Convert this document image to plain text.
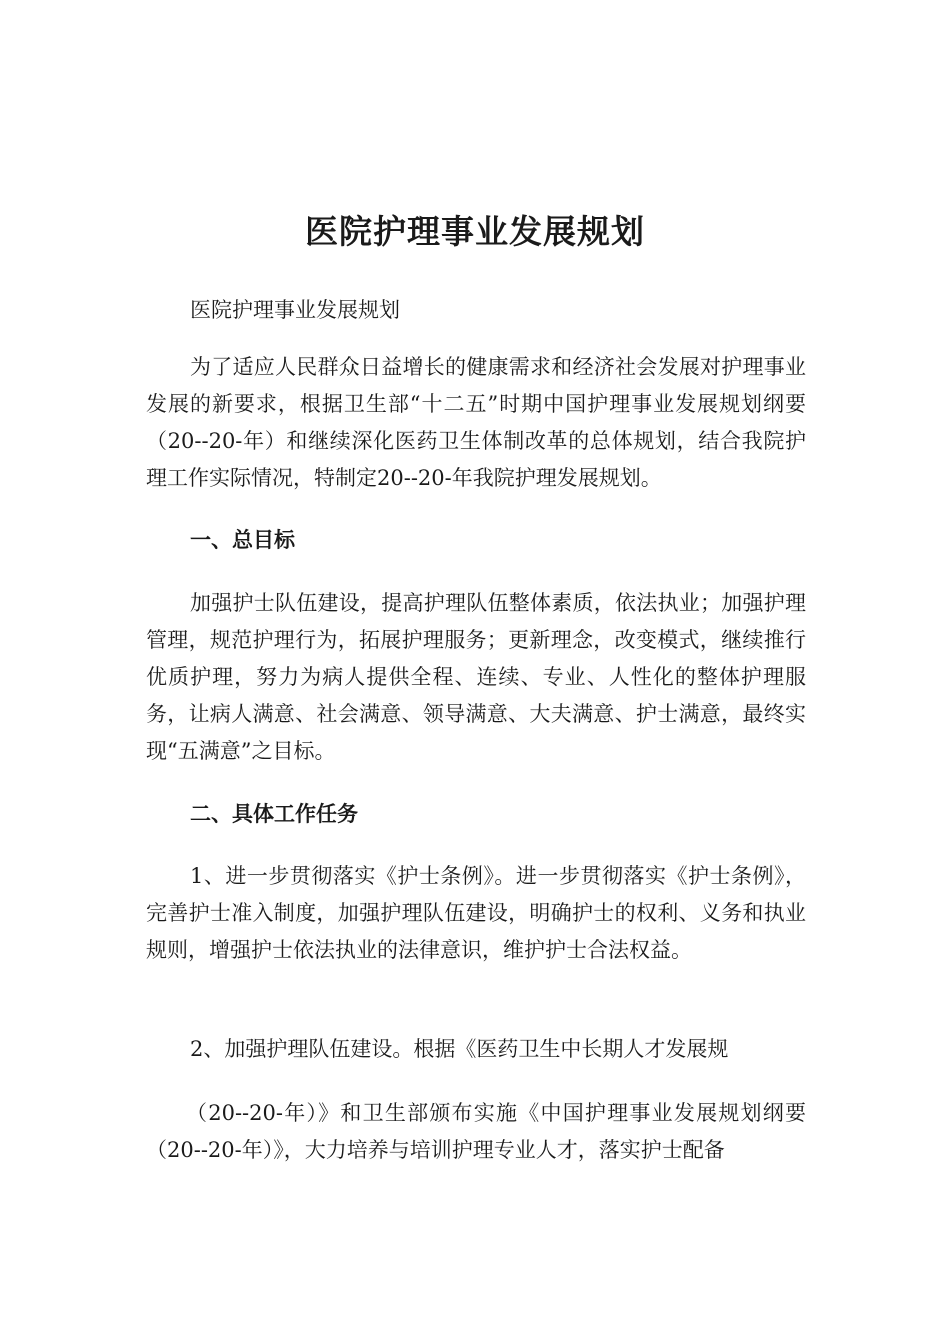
医院护理事业发展规划

医院护理事业发展规划

为了适应人民群众日益增长的健康需求和经济社会发展对护理事业发展的新要求，根据卫生部“十二五”时期中国护理事业发展规划纲要（20--20-年）和继续深化医药卫生体制改革的总体规划，结合我院护理工作实际情况，特制定20--20-年我院护理发展规划。

一、总目标

加强护士队伍建设，提高护理队伍整体素质，依法执业；加强护理管理，规范护理行为，拓展护理服务；更新理念，改变模式，继续推行优质护理，努力为病人提供全程、连续、专业、人性化的整体护理服务，让病人满意、社会满意、领导满意、大夫满意、护士满意，最终实现“五满意”之目标。

二、具体工作任务

1、进一步贯彻落实《护士条例》。进一步贯彻落实《护士条例》，完善护士准入制度，加强护理队伍建设，明确护士的权利、义务和执业规则，增强护士依法执业的法律意识，维护护士合法权益。

2、加强护理队伍建设。根据《医药卫生中长期人才发展规

（20--20-年）》和卫生部颁布实施《中国护理事业发展规划纲要（20--20-年）》，大力培养与培训护理专业人才，落实护士配备
